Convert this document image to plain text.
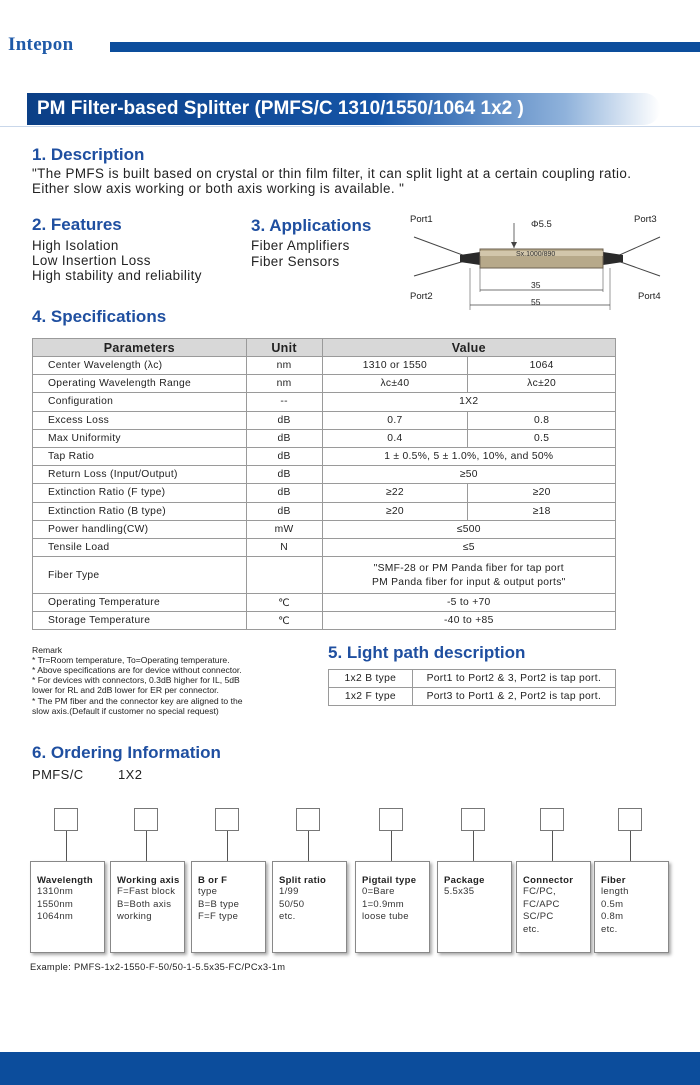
Intepon
PM Filter-based Splitter (PMFS/C 1310/1550/1064 1x2 )
1. Description
"The PMFS is built based on crystal or thin film filter, it can split light at a certain coupling ratio.
Either slow axis working or both axis working is available. "
2. Features
High Isolation
Low Insertion Loss
High stability and reliability
3. Applications
Fiber Amplifiers
Fiber Sensors
Port1
Port2
Port3
Port4
Φ5.5
Sx.1000/890
35
55
4. Specifications
Parameters	Unit	Value	
Center Wavelength (λc)	nm	1310 or 1550	1064
Operating Wavelength Range	nm	λc±40	λc±20
Configuration	--	1X2	
Excess Loss	dB	0.7	0.8
Max Uniformity	dB	0.4	0.5
Tap Ratio	dB	1 ± 0.5%, 5 ± 1.0%, 10%, and 50%	
Return Loss (Input/Output)	dB	≥50	
Extinction Ratio (F type)	dB	≥22	≥20
Extinction Ratio (B type)	dB	≥20	≥18
Power handling(CW)	mW	≤500	
Tensile Load	N	≤5	
Fiber Type		"SMF-28 or PM Panda fiber for tap port
PM Panda fiber for input & output ports"	

Operating Temperature	℃	-5 to +70	
Storage Temperature	℃	-40 to +85	
Remark
* Tr=Room temperature, To=Operating temperature.
* Above specifications are for device without connector.
* For devices with connectors, 0.3dB higher for IL, 5dB
lower for RL and 2dB lower for ER per connector.
* The PM fiber and the connector key are aligned to the
slow axis.(Default if customer no special request)
5. Light path description
1x2 B type	Port1 to Port2 & 3, Port2 is tap port.
1x2 F type	Port3 to Port1 & 2, Port2 is tap port.
6. Ordering Information
PMFS/C	1X2
Wavelength
1310nm
1550nm
1064nm
Working axis
F=Fast block
B=Both axis
working
B or F
type
B=B type
F=F type
Split ratio
1/99
50/50
etc.
Pigtail type
0=Bare
1=0.9mm
loose tube
Package
5.5x35
Connector
FC/PC,
FC/APC
SC/PC
etc.
Fiber
length
0.5m
0.8m
etc.
Example: PMFS-1x2-1550-F-50/50-1-5.5x35-FC/PCx3-1m
